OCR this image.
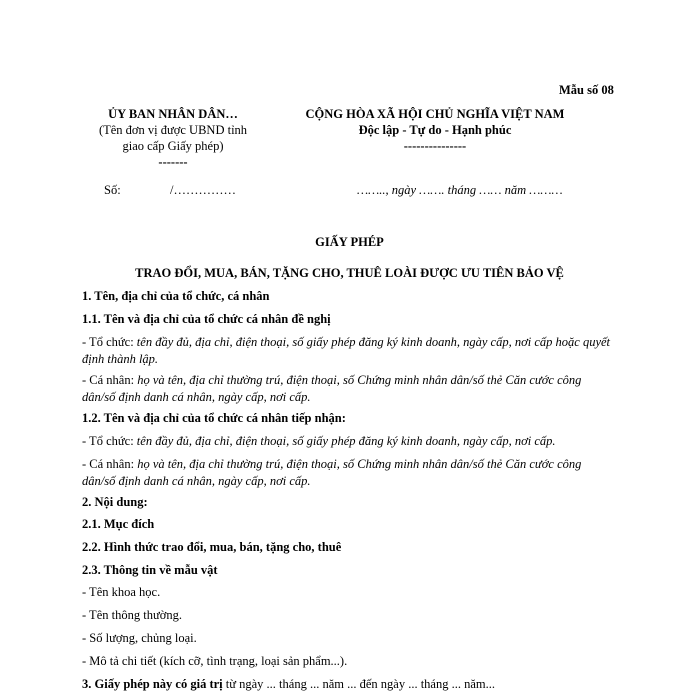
Mẫu số 08
ỦY BAN NHÂN DÂN…
(Tên đơn vị được UBND tỉnh
giao cấp Giấy phép)
-------
CỘNG HÒA XÃ HỘI CHỦ NGHĨA VIỆT NAM
Độc lập - Tự do - Hạnh phúc
---------------
Số:	/……………	…….., ngày ……. tháng …… năm ………
GIẤY PHÉP
TRAO ĐỔI, MUA, BÁN, TẶNG CHO, THUÊ LOÀI ĐƯỢC ƯU TIÊN BẢO VỆ
1. Tên, địa chỉ của tổ chức, cá nhân
1.1. Tên và địa chỉ của tổ chức cá nhân đề nghị
- Tổ chức: tên đầy đủ, địa chỉ, điện thoại, số giấy phép đăng ký kinh doanh, ngày cấp, nơi cấp hoặc quyết định thành lập.
- Cá nhân: họ và tên, địa chỉ thường trú, điện thoại, số Chứng minh nhân dân/số thẻ Căn cước công dân/số định danh cá nhân, ngày cấp, nơi cấp.
1.2. Tên và địa chỉ của tổ chức cá nhân tiếp nhận:
- Tổ chức: tên đầy đủ, địa chỉ, điện thoại, số giấy phép đăng ký kinh doanh, ngày cấp, nơi cấp.
- Cá nhân: họ và tên, địa chỉ thường trú, điện thoại, số Chứng minh nhân dân/số thẻ Căn cước công dân/số định danh cá nhân, ngày cấp, nơi cấp.
2. Nội dung:
2.1. Mục đích
2.2. Hình thức trao đổi, mua, bán, tặng cho, thuê
2.3. Thông tin về mẫu vật
- Tên khoa học.
- Tên thông thường.
- Số lượng, chủng loại.
- Mô tả chi tiết (kích cỡ, tình trạng, loại sản phẩm...).
3. Giấy phép này có giá trị từ ngày ... tháng ... năm ... đến ngày ... tháng ... năm...
